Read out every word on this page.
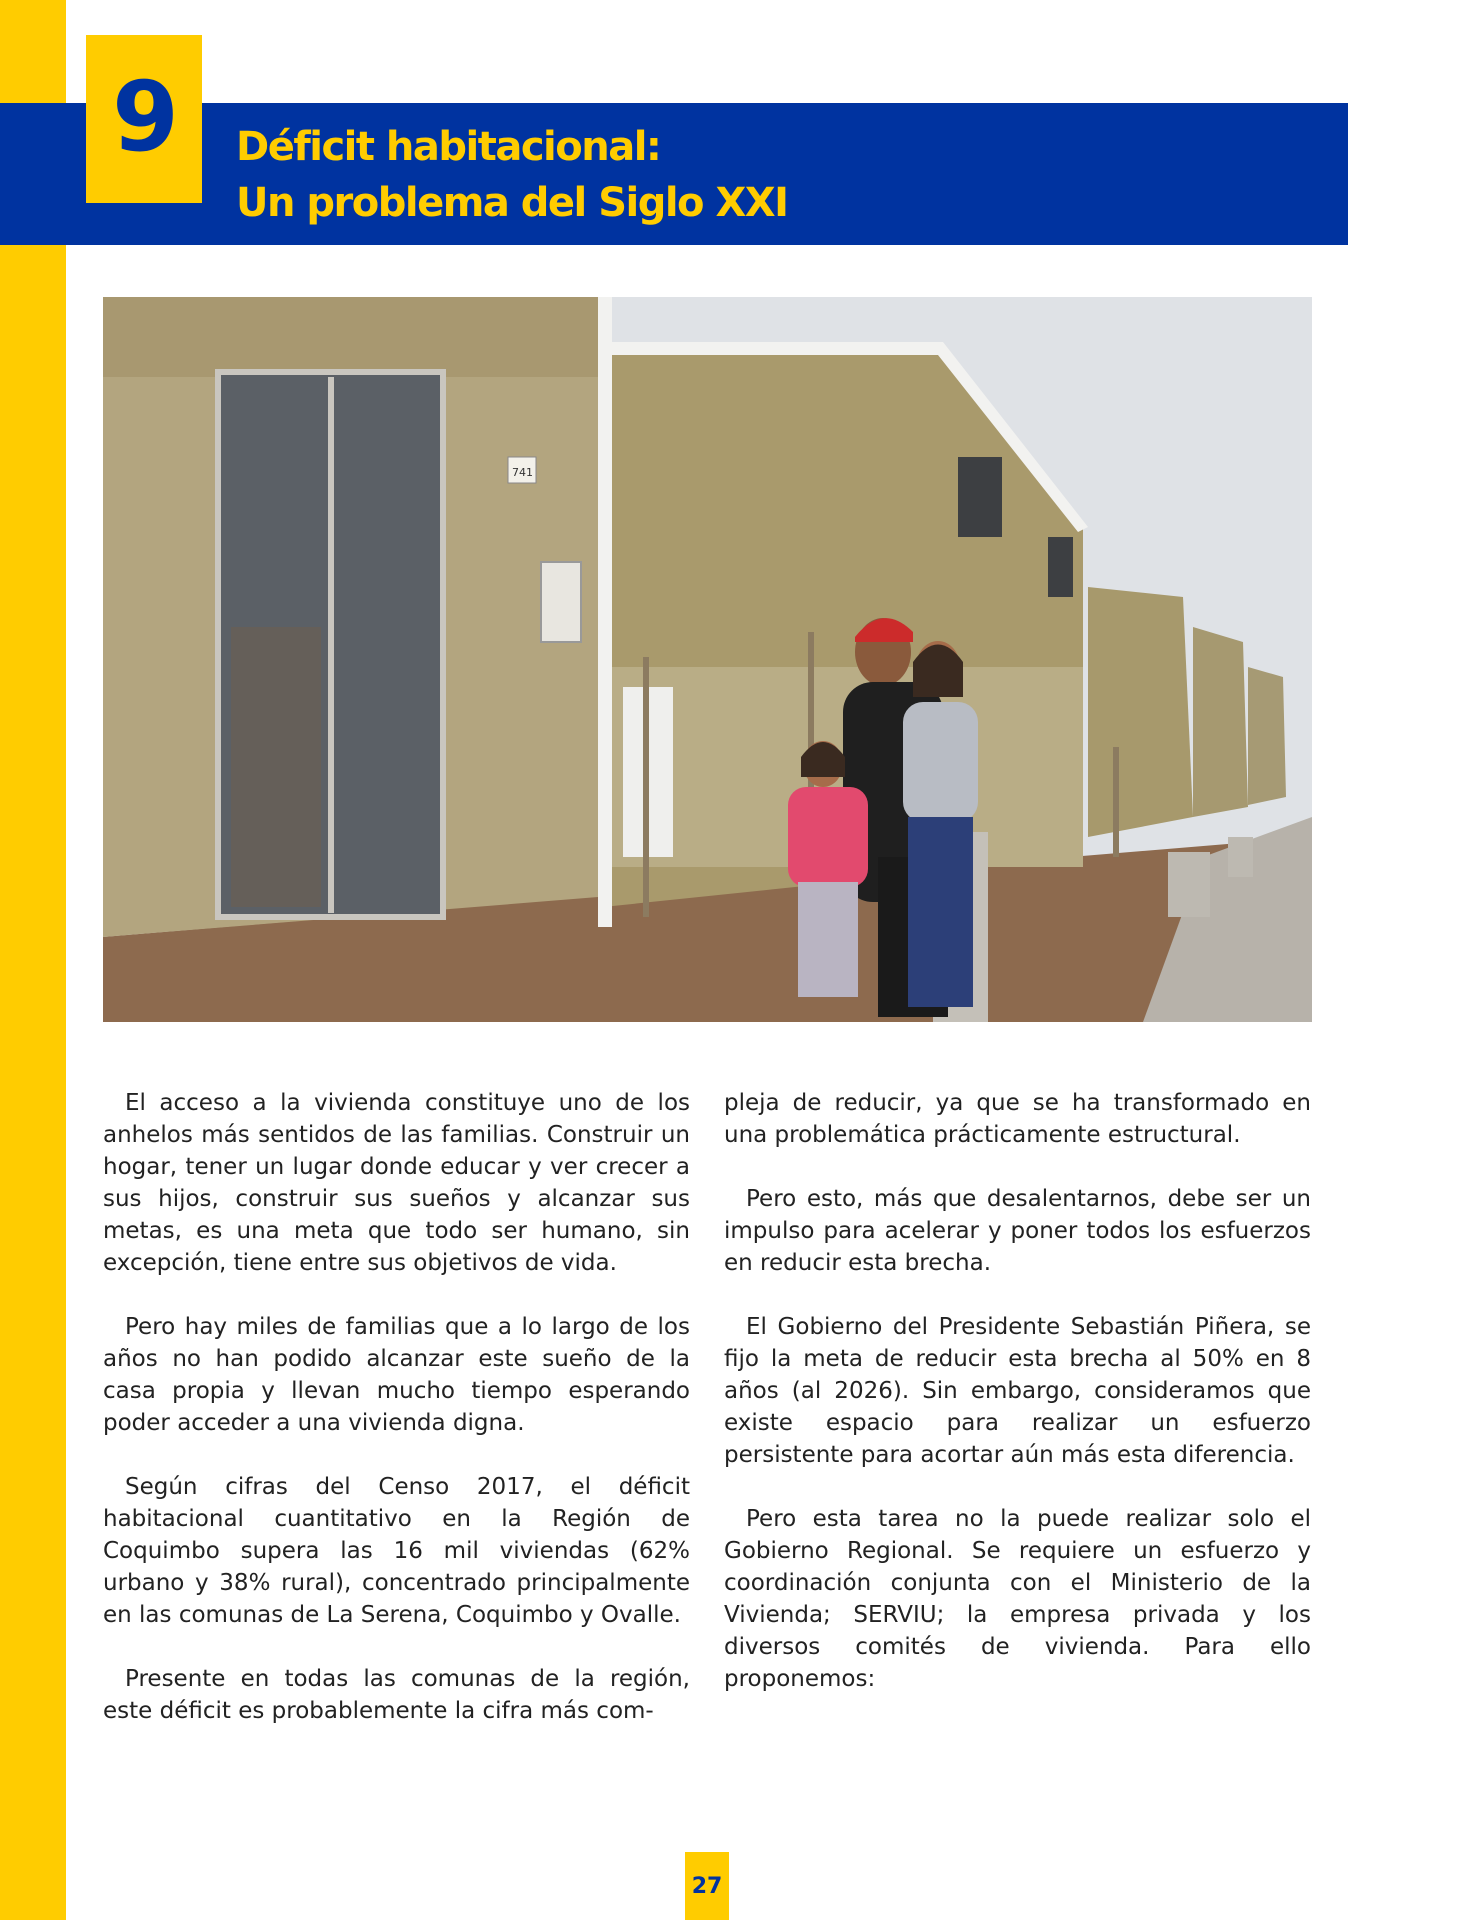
9 Déficit habitacional:
Un problema del Siglo XXI
741

El acceso a la vivienda constituye uno de los anhelos más sentidos de las familias. Construir un hogar, tener un lugar donde educar y ver crecer a sus hijos, construir sus sueños y alcanzar sus metas, es una meta que todo ser humano, sin excepción, tiene entre sus objetivos de vida.

Pero hay miles de familias que a lo largo de los años no han podido alcanzar este sueño de la casa propia y llevan mucho tiempo esperando poder acceder a una vivienda digna.

Según cifras del Censo 2017, el déficit habitacional cuantitativo en la Región de Coquimbo supera las 16 mil viviendas (62% urbano y 38% rural), concentrado principalmente en las comunas de La Serena, Coquimbo y Ovalle.

Presente en todas las comunas de la región, este déficit es probablemente la cifra más com-

pleja de reducir, ya que se ha transformado en una problemática prácticamente estructural.

Pero esto, más que desalentarnos, debe ser un impulso para acelerar y poner todos los esfuerzos en reducir esta brecha.

El Gobierno del Presidente Sebastián Piñera, se fijo la meta de reducir esta brecha al 50% en 8 años (al 2026). Sin embargo, consideramos que existe espacio para realizar un esfuerzo persistente para acortar aún más esta diferencia.

Pero esta tarea no la puede realizar solo el Gobierno Regional. Se requiere un esfuerzo y coordinación conjunta con el Ministerio de la Vivienda; SERVIU; la empresa privada y los diversos comités de vivienda. Para ello proponemos:

27
